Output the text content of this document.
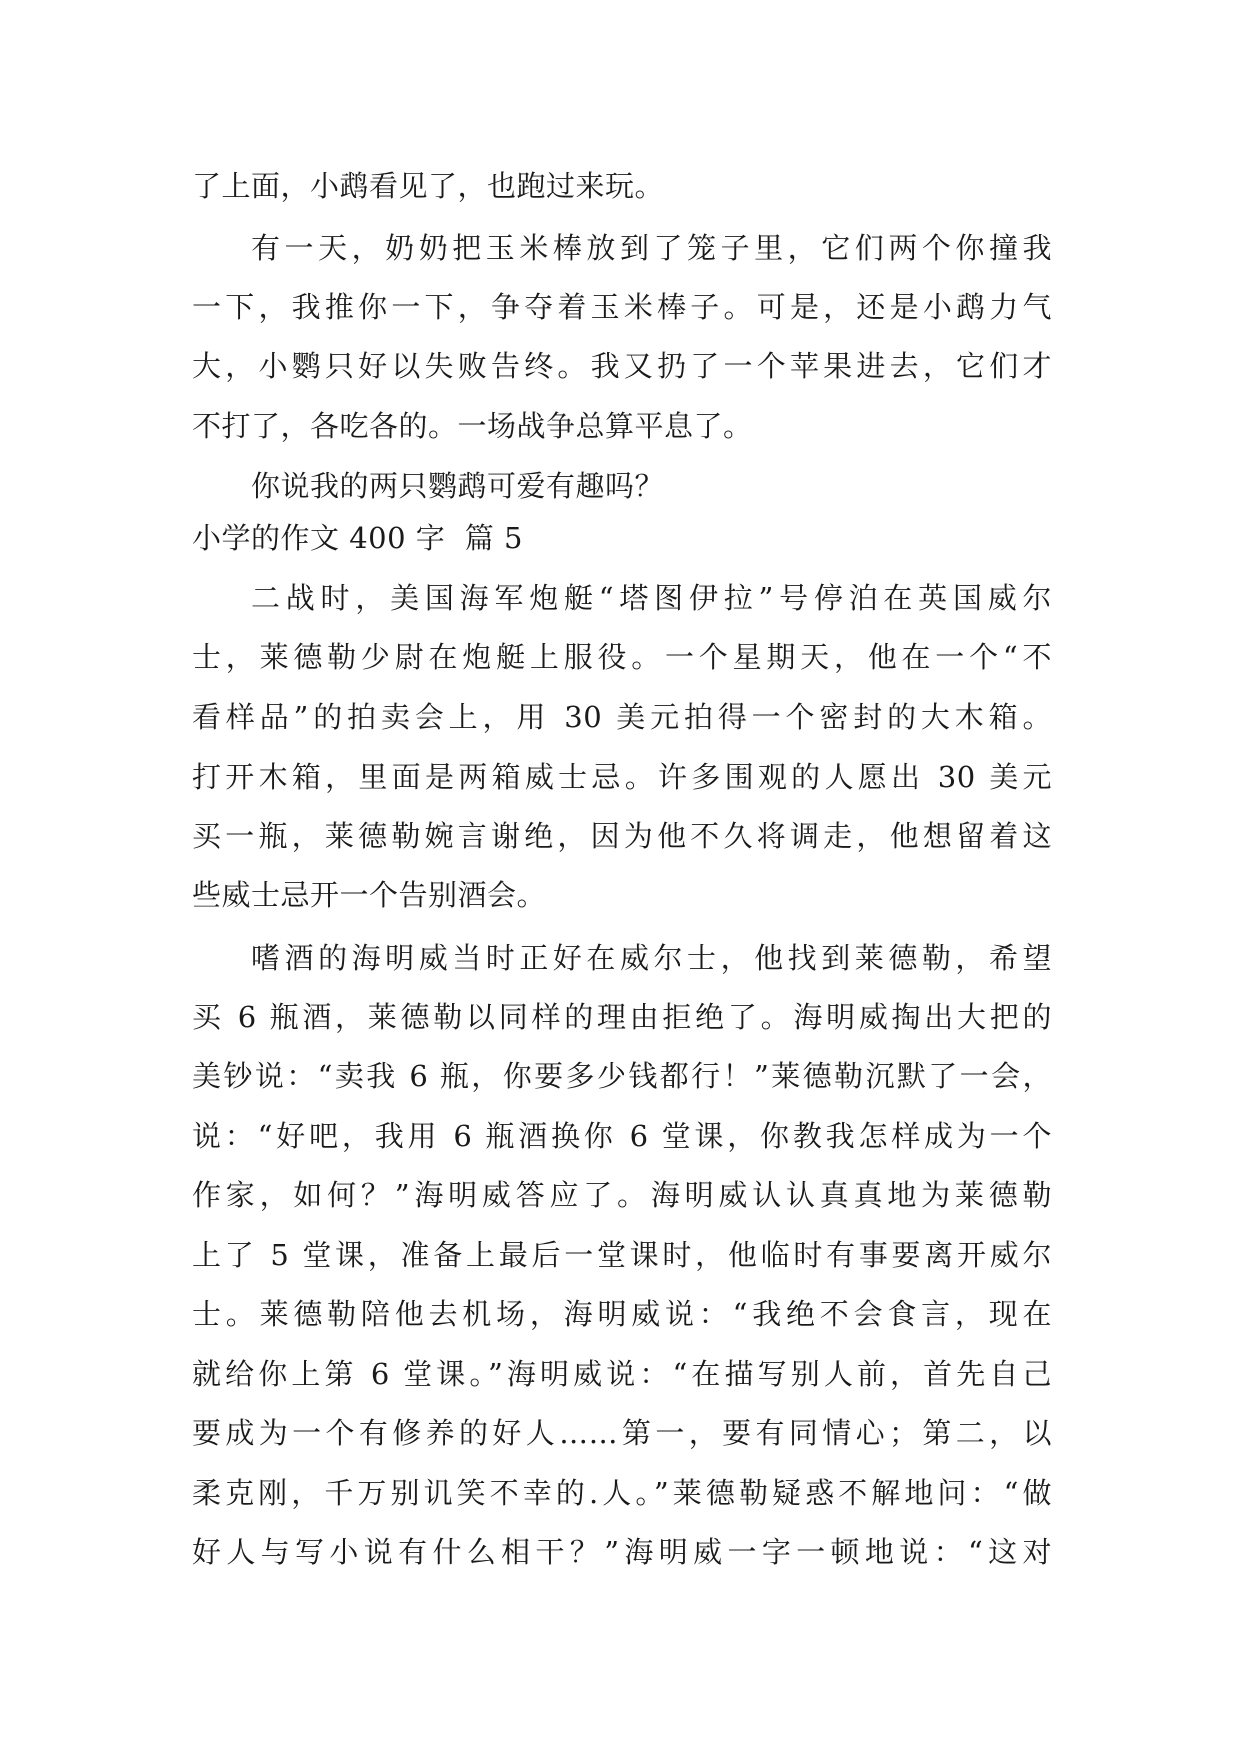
了上面，小鹉看见了，也跑过来玩。
有一天，奶奶把玉米棒放到了笼子里，它们两个你撞我
一下，我推你一下，争夺着玉米棒子。可是，还是小鹉力气
大，小鹦只好以失败告终。我又扔了一个苹果进去，它们才
不打了，各吃各的。一场战争总算平息了。
你说我的两只鹦鹉可爱有趣吗？
小学的作文 400 字  篇 5
二战时，美国海军炮艇“塔图伊拉”号停泊在英国威尔
士，莱德勒少尉在炮艇上服役。一个星期天，他在一个“不
看样品”的拍卖会上，用 30 美元拍得一个密封的大木箱。
打开木箱，里面是两箱威士忌。许多围观的人愿出 30 美元
买一瓶，莱德勒婉言谢绝，因为他不久将调走，他想留着这
些威士忌开一个告别酒会。
嗜酒的海明威当时正好在威尔士，他找到莱德勒，希望
买 6 瓶酒，莱德勒以同样的理由拒绝了。海明威掏出大把的
美钞说：“卖我 6 瓶，你要多少钱都行！”莱德勒沉默了一会，
说：“好吧，我用 6 瓶酒换你 6 堂课，你教我怎样成为一个
作家，如何？”海明威答应了。海明威认认真真地为莱德勒
上了 5 堂课，准备上最后一堂课时，他临时有事要离开威尔
士。莱德勒陪他去机场，海明威说：“我绝不会食言，现在
就给你上第 6 堂课。”海明威说：“在描写别人前，首先自己
要成为一个有修养的好人……第一，要有同情心；第二，以
柔克刚，千万别讥笑不幸的.人。”莱德勒疑惑不解地问：“做
好人与写小说有什么相干？”海明威一字一顿地说：“这对
